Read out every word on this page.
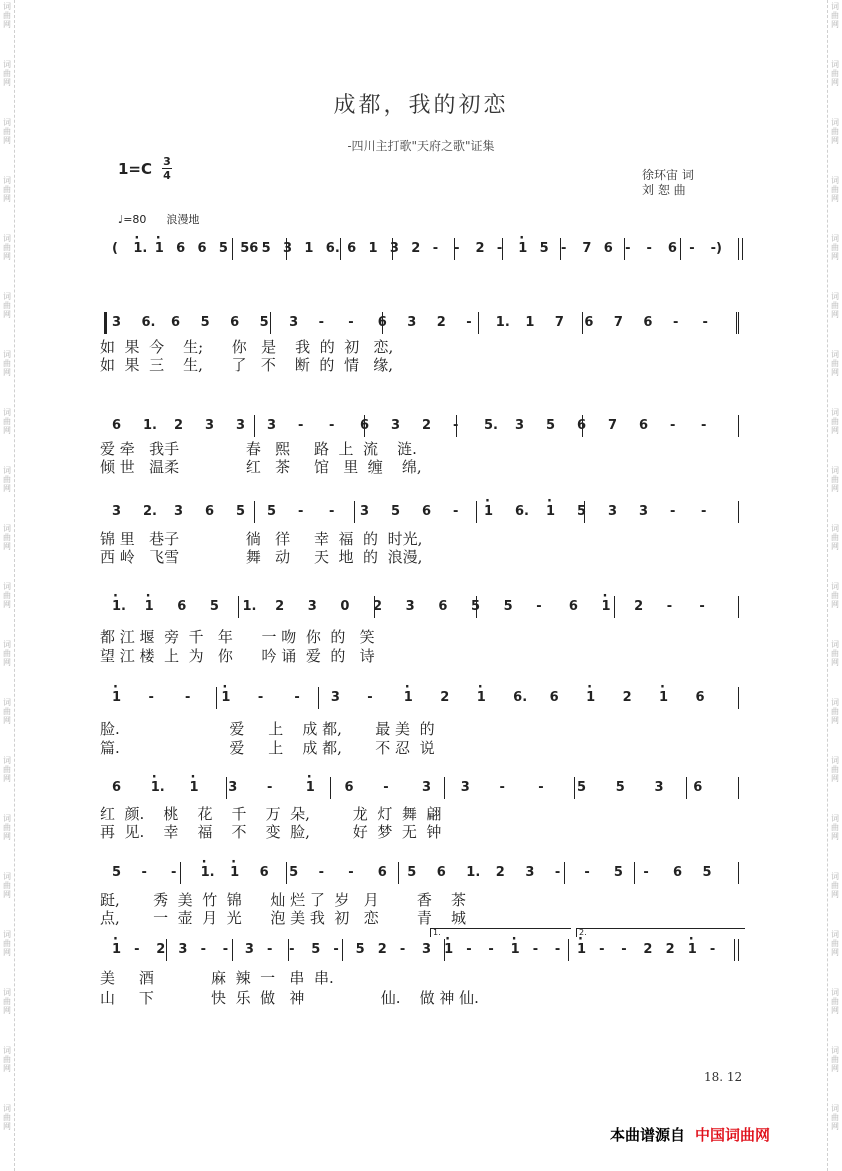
词
曲
网
词
曲
网
词
曲
网
词
曲
网
词
曲
网
词
曲
网
词
曲
网
词
曲
网
词
曲
网
词
曲
网
词
曲
网
词
曲
网
词
曲
网
词
曲
网
词
曲
网
词
曲
网
词
曲
网
词
曲
网
词
曲
网
词
曲
网
词
曲
网
词
曲
网
词
曲
网
词
曲
网
词
曲
网
词
曲
网
词
曲
网
词
曲
网
词
曲
网
词
曲
网
词
曲
网
词
曲
网
词
曲
网
词
曲
网
词
曲
网
词
曲
网
词
曲
网
词
曲
网
词
曲
网
词
曲
网
成都，我的初恋
-四川主打歌"天府之歌"证集
1=C 3
4	徐环宙 词
刘 恕 曲
♩=80 浪漫地
( · 1. · 1 6 6 5 56 5 3 1 6. 6 1 3 2 - - 2 - · 1 5 - 7 6 - - 6 - -)
3 6. 6 5 6 5 3 - - 6 3 2 - 1. 1 7 6 7 6 - -
6 1. 2 3 3 3 - - 6 3 2 - 5. 3 5 6 7 6 - -
3 2. 3 6 5 5 - - 3 5 6 - · 1 6. · 1 5 3 3 - -
· 1. · 1 6 5 1. 2 3 0 2 3 6 5 5 - 6 · 1 2 - -
· 1 - - · 1 - - 3 - · 1 2 · 1 6. 6 · 1 2 · 1 6
6 · 1. · 1 3 -	· 1 6 -	3 3 -	-	5 5 3 6
5 - - · 1. · 1 6 5 - - 6 5 6 1. 2 3 - - 5 - 6 5
· 1 - 2 3 - - 3 - - 5 - 5 2 - 3 · 1 - - · 1 - - · 1 - - 2 2 · 1 -
1.	2.
如  果  今    生;      你   是    我  的  初   恋,
如  果  三    生,      了   不    断  的  情   缘,
爱 牵   我手              春   熙     路  上  流    涟.
倾 世   温柔              红   茶     馆   里  缠    绵,
锦 里   巷子              徜   徉     幸  福  的  时光,
西 岭   飞雪              舞   动     天  地  的  浪漫,
都 江 堰  旁  千   年      一 吻  你  的   笑
望 江 楼  上  为   你      吟 诵  爱  的   诗
脸.                       爱     上    成 都,       最 美  的
篇.                       爱     上    成 都,       不 忍  说
红  颜.    桃    花    千    万  朵,         龙  灯  舞  翩
再  见.    幸    福    不    变  脸,         好  梦  无  钟
跹,       秀  美  竹  锦      灿 烂 了  岁   月        香    茶
点,       一  壶  月  光      泡 美 我  初   恋        青    城
美     酒            麻  辣  一   串  串.
山     下            快  乐  做   神                仙.    做 神 仙.
18. 12
本曲谱源自 中国词曲网
